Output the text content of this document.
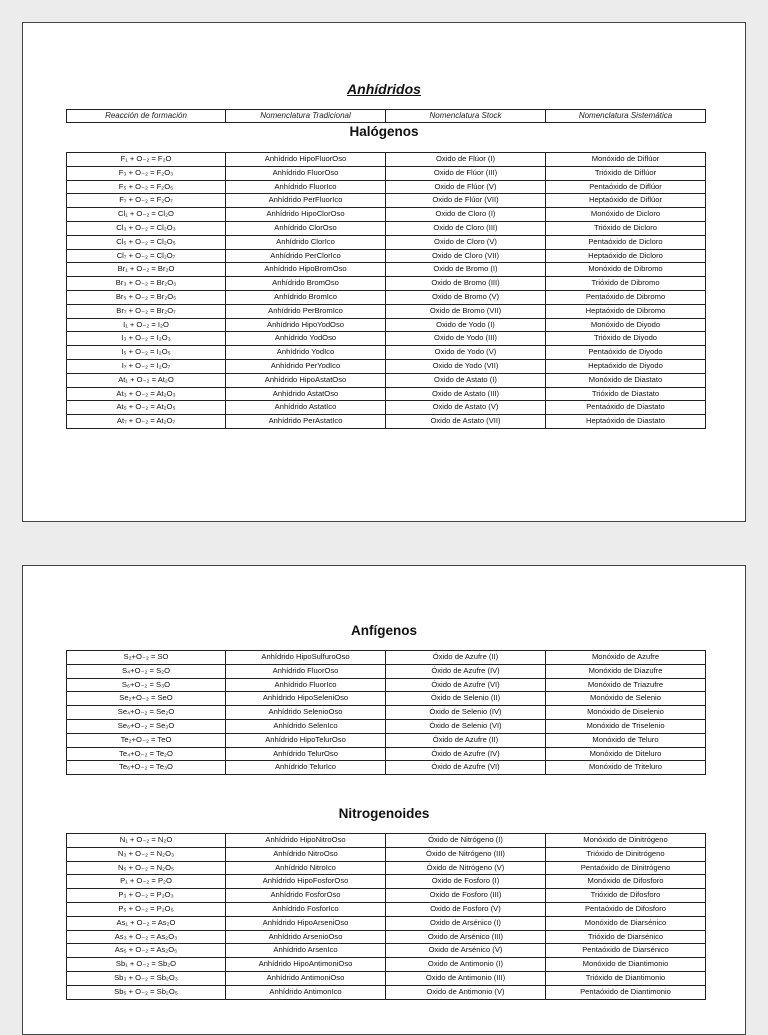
Anhídridos
Reacción de formación	Nomenclatura Tradicional	Nomenclatura Stock	Nomenclatura Sistemática
Halógenos
F₁ + O₋₂ = F₂O	Anhídrido HipoFluorOso	Oxido de Flúor (I)	Monóxido de Diflúor
F₃ + O₋₂ = F₂O₃	Anhídrido FluorOso	Oxido de Flúor (III)	Trióxido de Diflúor
F₅ + O₋₂ = F₂O₅	Anhídrido FluorIco	Oxido de Flúor (V)	Pentaóxido de Diflúor
F₇ + O₋₂ = F₂O₇	Anhídrido PerFluorIco	Oxido de Flúor (VII)	Heptaóxido de Diflúor
Cl₁ + O₋₂ = Cl₂O	Anhídrido HipoClorOso	Oxido de Cloro (I)	Monóxido de Dicloro
Cl₃ + O₋₂ = Cl₂O₃	Anhídrido ClorOso	Oxido de Cloro (III)	Trióxido de Dicloro
Cl₅ + O₋₂ = Cl₂O₅	Anhídrido ClorIco	Oxido de Cloro (V)	Pentaóxido de Dicloro
Cl₇ + O₋₂ = Cl₂O₇	Anhídrido PerClorIco	Oxido de Cloro (VII)	Heptaóxido de Dicloro
Br₁ + O₋₂ = Br₂O	Anhídrido HipoBromOso	Oxido de Bromo (I)	Monóxido de Dibromo
Br₃ + O₋₂ = Br₂O₃	Anhídrido BromOso	Oxido de Bromo (III)	Trióxido de Dibromo
Br₅ + O₋₂ = Br₂O₅	Anhídrido BromIco	Oxido de Bromo (V)	Pentaóxido de Dibromo
Br₇ + O₋₂ = Br₂O₇	Anhídrido PerBromIco	Oxido de Bromo (VII)	Heptaóxido de Dibromo
I₁ + O₋₂ = I₂O	Anhídrido HipoYodOso	Oxido de Yodo (I)	Monóxido de Diyodo
I₃ + O₋₂ = I₂O₃	Anhídrido YodOso	Oxido de Yodo (III)	Trióxido de Diyodo
I₅ + O₋₂ = I₂O₅	Anhídrido YodIco	Oxido de Yodo (V)	Pentaóxido de Diyodo
I₇ + O₋₂ = I₂O₇	Anhídrido PerYodIco	Oxido de Yodo (VII)	Heptaóxido de Diyodo
At₁ + O₋₂ = At₂O	Anhídrido HipoAstatOso	Oxido de Astato (I)	Monóxido de Diastato
At₃ + O₋₂ = At₂O₃	Anhídrido AstatOso	Oxido de Astato (III)	Trióxido de Diastato
At₅ + O₋₂ = At₂O₅	Anhídrido AstatIco	Oxido de Astato (V)	Pentaóxido de Diastato
At₇ + O₋₂ = At₂O₇	Anhídrido PerAstatIco	Oxido de Astato (VII)	Heptaóxido de Diastato
Anfígenos
S₂+O₋₂ = SO	Anhídrido HipoSulfuroOso	Óxido de Azufre (II)	Monóxido de Azufre
S₄+O₋₂ = S₂O	Anhídrido FluorOso	Óxido de Azufre (IV)	Monóxido de Diazufre
S₆+O₋₂ = S₃O	Anhídrido FluorIco	Óxido de Azufre (VI)	Monóxido de Triazufre
Se₂+O₋₂ = SeO	Anhídrido HipoSeleniOso	Óxido de Selenio (II)	Monóxido de Selenio
Se₄+O₋₂ = Se₂O	Anhídrido SelenioOso	Óxido de Selenio (IV)	Monóxido de Diselenio
Se₆+O₋₂ = Se₃O	Anhídrido SelenIco	Óxido de Selenio (VI)	Monóxido de Triselenio
Te₂+O₋₂ = TeO	Anhídrido HipoTelurOso	Óxido de Azufre (II)	Monóxido de Teluro
Te₄+O₋₂ = Te₂O	Anhídrido TelurOso	Óxido de Azufre (IV)	Monóxido de Diteluro
Te₆+O₋₂ = Te₃O	Anhídrido TelurIco	Óxido de Azufre (VI)	Monóxido de Triteluro
Nitrogenoides
N₁ + O₋₂ = N₂O	Anhídrido HipoNitroOso	Óxido de Nitrógeno (I)	Monóxido de Dinitrógeno
N₃ + O₋₂ = N₂O₃	Anhídrido NitroOso	Óxido de Nitrógeno (III)	Trióxido de Dinitrógeno
N₅ + O₋₂ = N₂O₅	Anhídrido NitroIco	Óxido de Nitrógeno (V)	Pentaóxido de Dinitrógeno
P₁ + O₋₂ = P₂O	Anhídrido HipoFosforOso	Oxido de Fosforo (I)	Monóxido de Difosforo
P₃ + O₋₂ = P₂O₃	Anhídrido FosforOso	Oxido de Fosforo (III)	Trióxido de Difosforo
P₅ + O₋₂ = P₂O₅	Anhídrido FosforIco	Oxido de Fosforo (V)	Pentaóxido de Difosforo
As₁ + O₋₂ = As₂O	Anhídrido HipoArseniOso	Oxido de Arsénico (I)	Monóxido de Diarsénico
As₃ + O₋₂ = As₂O₃	Anhídrido ArsenioOso	Oxido de Arsénico (III)	Trióxido de Diarsénico
As₅ + O₋₂ = As₂O₅	Anhídrido ArsenIco	Oxido de Arsénico (V)	Pentaóxido de Diarsénico
Sb₁ + O₋₂ = Sb₂O	Anhídrido HipoAntimoniOso	Oxido de Antimonio (I)	Monóxido de Diantimonio
Sb₃ + O₋₂ = Sb₂O₃	Anhídrido AntimoniOso	Oxido de Antimonio (III)	Trióxido de Diantimonio
Sb₅ + O₋₂ = Sb₂O₅	Anhídrido AntimonIco	Oxido de Antimonio (V)	Pentaóxido de Diantimonio
